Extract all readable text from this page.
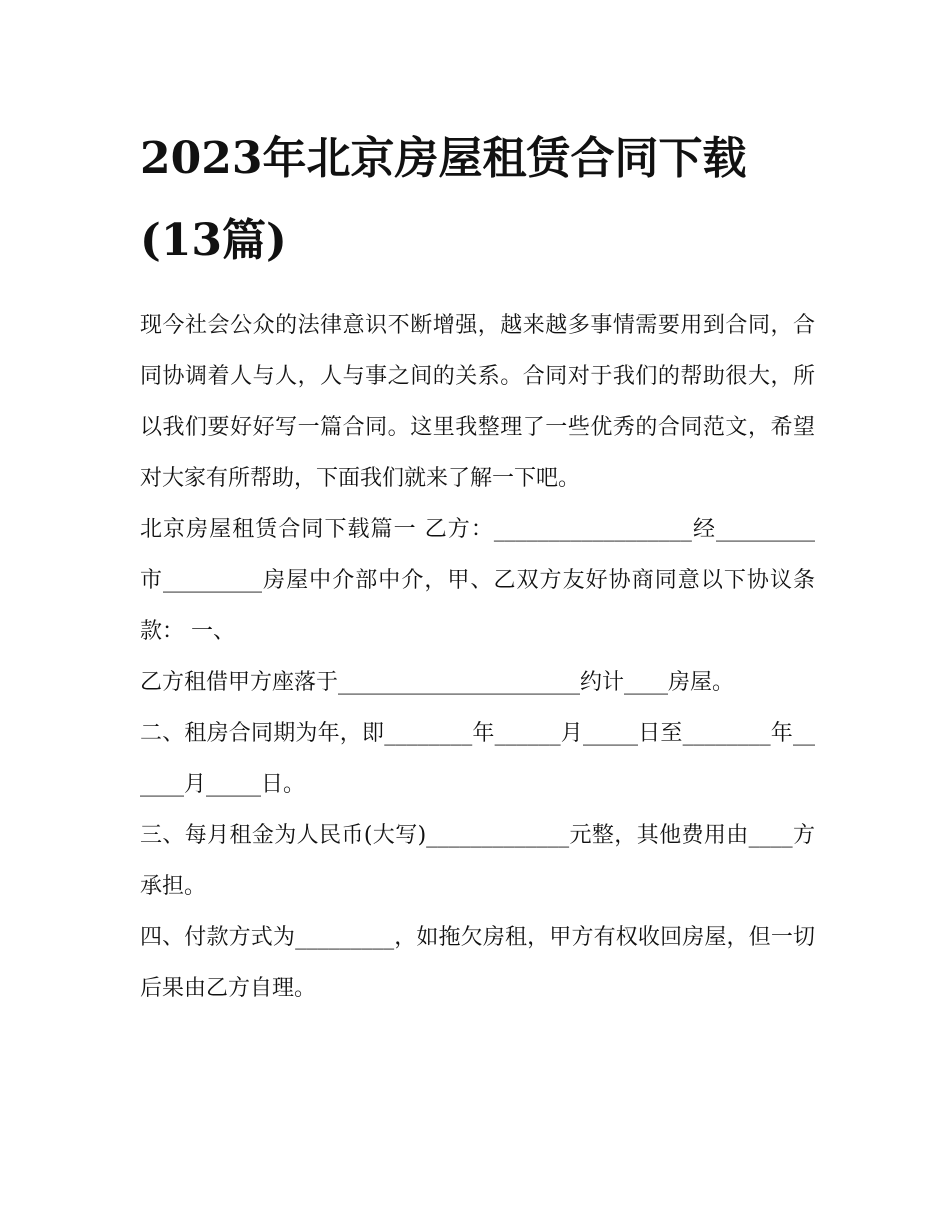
2023年北京房屋租赁合同下载(13篇)

现今社会公众的法律意识不断增强，越来越多事情需要用到合同，合同协调着人与人，人与事之间的关系。合同对于我们的帮助很大，所以我们要好好写一篇合同。这里我整理了一些优秀的合同范文，希望对大家有所帮助，下面我们就来了解一下吧。

北京房屋租赁合同下载篇一 乙方：__________________经_________市_________房屋中介部中介，甲、乙双方友好协商同意以下协议条款： 一、

乙方租借甲方座落于______________________约计____房屋。

二、租房合同期为年，即________年______月_____日至________年______月_____日。

三、每月租金为人民币(大写)_____________元整，其他费用由____方承担。

四、付款方式为_________，如拖欠房租，甲方有权收回房屋，但一切后果由乙方自理。
